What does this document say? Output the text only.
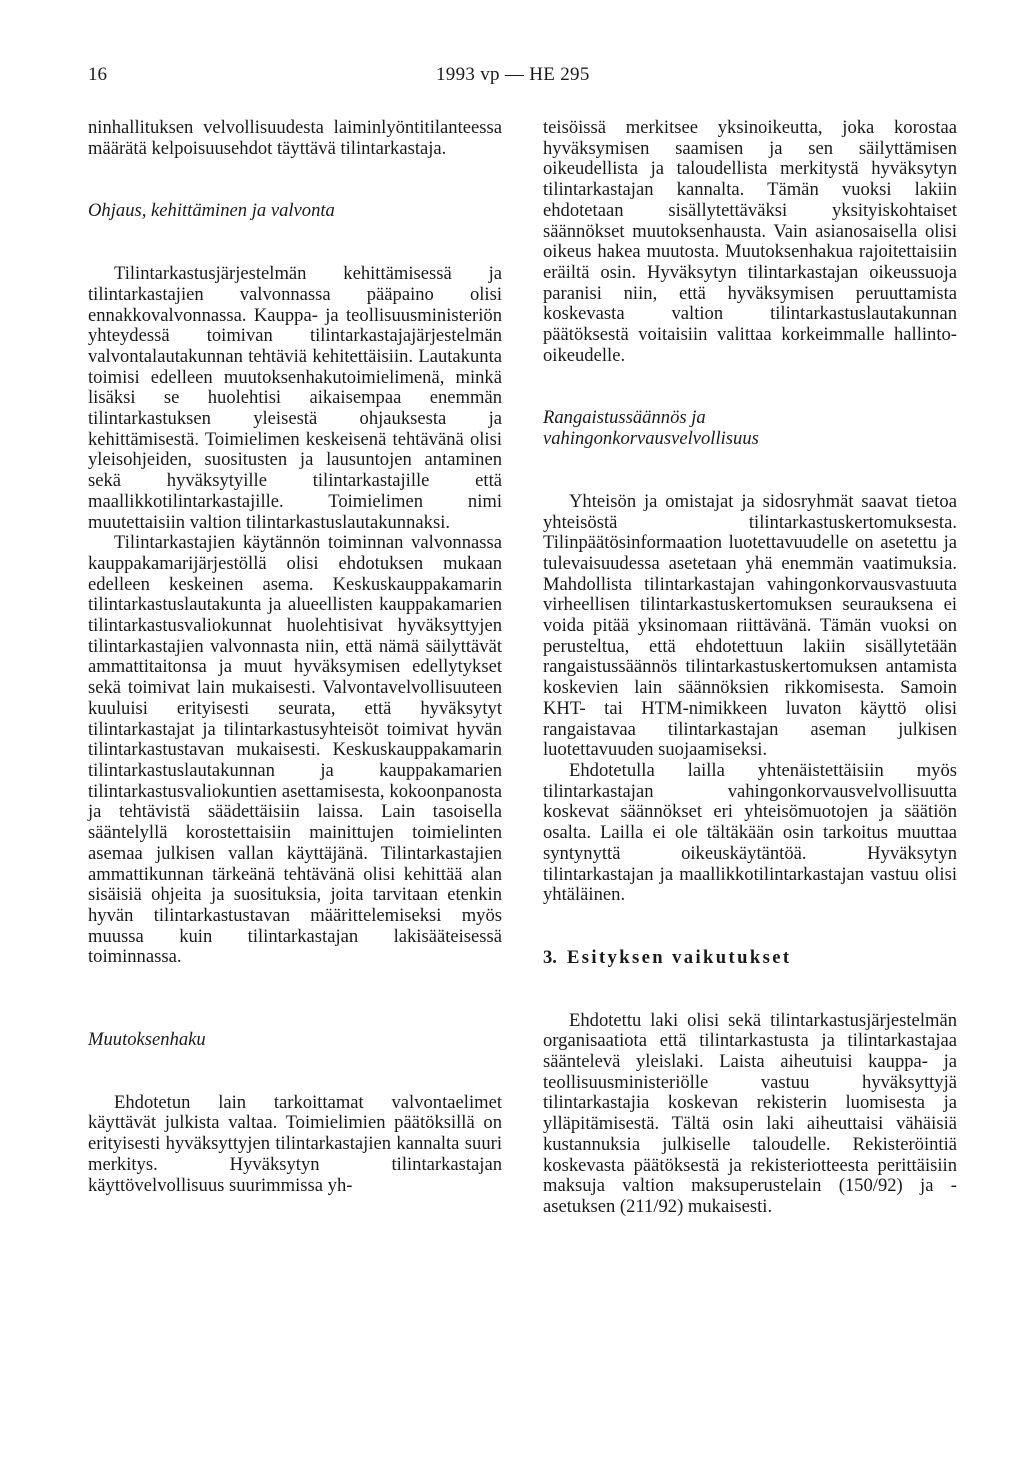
16	1993 vp — HE 295

ninhallituksen velvollisuudesta laiminlyöntitilanteessa määrätä kelpoisuusehdot täyttävä tilintarkastaja.

Ohjaus, kehittäminen ja valvonta

Tilintarkastusjärjestelmän kehittämisessä ja tilintarkastajien valvonnassa pääpaino olisi ennakkovalvonnassa. Kauppa- ja teollisuusministeriön yhteydessä toimivan tilintarkastajajärjestelmän valvontalautakunnan tehtäviä kehitettäisiin. Lautakunta toimisi edelleen muutoksenhakutoimielimenä, minkä lisäksi se huolehtisi aikaisempaa enemmän tilintarkastuksen yleisestä ohjauksesta ja kehittämisestä. Toimielimen keskeisenä tehtävänä olisi yleisohjeiden, suositusten ja lausuntojen antaminen sekä hyväksytyille tilintarkastajille että maallikkotilintarkastajille. Toimielimen nimi muutettaisiin valtion tilintarkastuslautakunnaksi.

Tilintarkastajien käytännön toiminnan valvonnassa kauppakamarijärjestöllä olisi ehdotuksen mukaan edelleen keskeinen asema. Keskuskauppakamarin tilintarkastuslautakunta ja alueellisten kauppakamarien tilintarkastusvaliokunnat huolehtisivat hyväksyttyjen tilintarkastajien valvonnasta niin, että nämä säilyttävät ammattitaitonsa ja muut hyväksymisen edellytykset sekä toimivat lain mukaisesti. Valvontavelvollisuuteen kuuluisi erityisesti seurata, että hyväksytyt tilintarkastajat ja tilintarkastusyhteisöt toimivat hyvän tilintarkastustavan mukaisesti. Keskuskauppakamarin tilintarkastuslautakunnan ja kauppakamarien tilintarkastusvaliokuntien asettamisesta, kokoonpanosta ja tehtävistä säädettäisiin laissa. Lain tasoisella sääntelyllä korostettaisiin mainittujen toimielinten asemaa julkisen vallan käyttäjänä. Tilintarkastajien ammattikunnan tärkeänä tehtävänä olisi kehittää alan sisäisiä ohjeita ja suosituksia, joita tarvitaan etenkin hyvän tilintarkastustavan määrittelemiseksi myös muussa kuin tilintarkastajan lakisääteisessä toiminnassa.

Muutoksenhaku

Ehdotetun lain tarkoittamat valvontaelimet käyttävät julkista valtaa. Toimielimien päätöksillä on erityisesti hyväksyttyjen tilintarkastajien kannalta suuri merkitys. Hyväksytyn tilintarkastajan käyttövelvollisuus suurimmissa yh-

teisöissä merkitsee yksinoikeutta, joka korostaa hyväksymisen saamisen ja sen säilyttämisen oikeudellista ja taloudellista merkitystä hyväksytyn tilintarkastajan kannalta. Tämän vuoksi lakiin ehdotetaan sisällytettäväksi yksityiskohtaiset säännökset muutoksenhausta. Vain asianosaisella olisi oikeus hakea muutosta. Muutoksenhakua rajoitettaisiin eräiltä osin. Hyväksytyn tilintarkastajan oikeussuoja paranisi niin, että hyväksymisen peruuttamista koskevasta valtion tilintarkastuslautakunnan päätöksestä voitaisiin valittaa korkeimmalle hallinto-oikeudelle.

Rangaistussäännös ja
vahingonkorvausvelvollisuus

Yhteisön ja omistajat ja sidosryhmät saavat tietoa yhteisöstä tilintarkastuskertomuksesta. Tilinpäätösinformaation luotettavuudelle on asetettu ja tulevaisuudessa asetetaan yhä enemmän vaatimuksia. Mahdollista tilintarkastajan vahingonkorvausvastuuta virheellisen tilintarkastuskertomuksen seurauksena ei voida pitää yksinomaan riittävänä. Tämän vuoksi on perusteltua, että ehdotettuun lakiin sisällytetään rangaistussäännös tilintarkastuskertomuksen antamista koskevien lain säännöksien rikkomisesta. Samoin KHT- tai HTM-nimikkeen luvaton käyttö olisi rangaistavaa tilintarkastajan aseman julkisen luotettavuuden suojaamiseksi.

Ehdotetulla lailla yhtenäistettäisiin myös tilintarkastajan vahingonkorvausvelvollisuutta koskevat säännökset eri yhteisömuotojen ja säätiön osalta. Lailla ei ole tältäkään osin tarkoitus muuttaa syntynyttä oikeuskäytäntöä. Hyväksytyn tilintarkastajan ja maallikkotilintarkastajan vastuu olisi yhtäläinen.

3. Esityksen vaikutukset

Ehdotettu laki olisi sekä tilintarkastusjärjestelmän organisaatiota että tilintarkastusta ja tilintarkastajaa sääntelevä yleislaki. Laista aiheutuisi kauppa- ja teollisuusministeriölle vastuu hyväksyttyjä tilintarkastajia koskevan rekisterin luomisesta ja ylläpitämisestä. Tältä osin laki aiheuttaisi vähäisiä kustannuksia julkiselle taloudelle. Rekisteröintiä koskevasta päätöksestä ja rekisteriotteesta perittäisiin maksuja valtion maksuperustelain (150/92) ja -asetuksen (211/92) mukaisesti.
